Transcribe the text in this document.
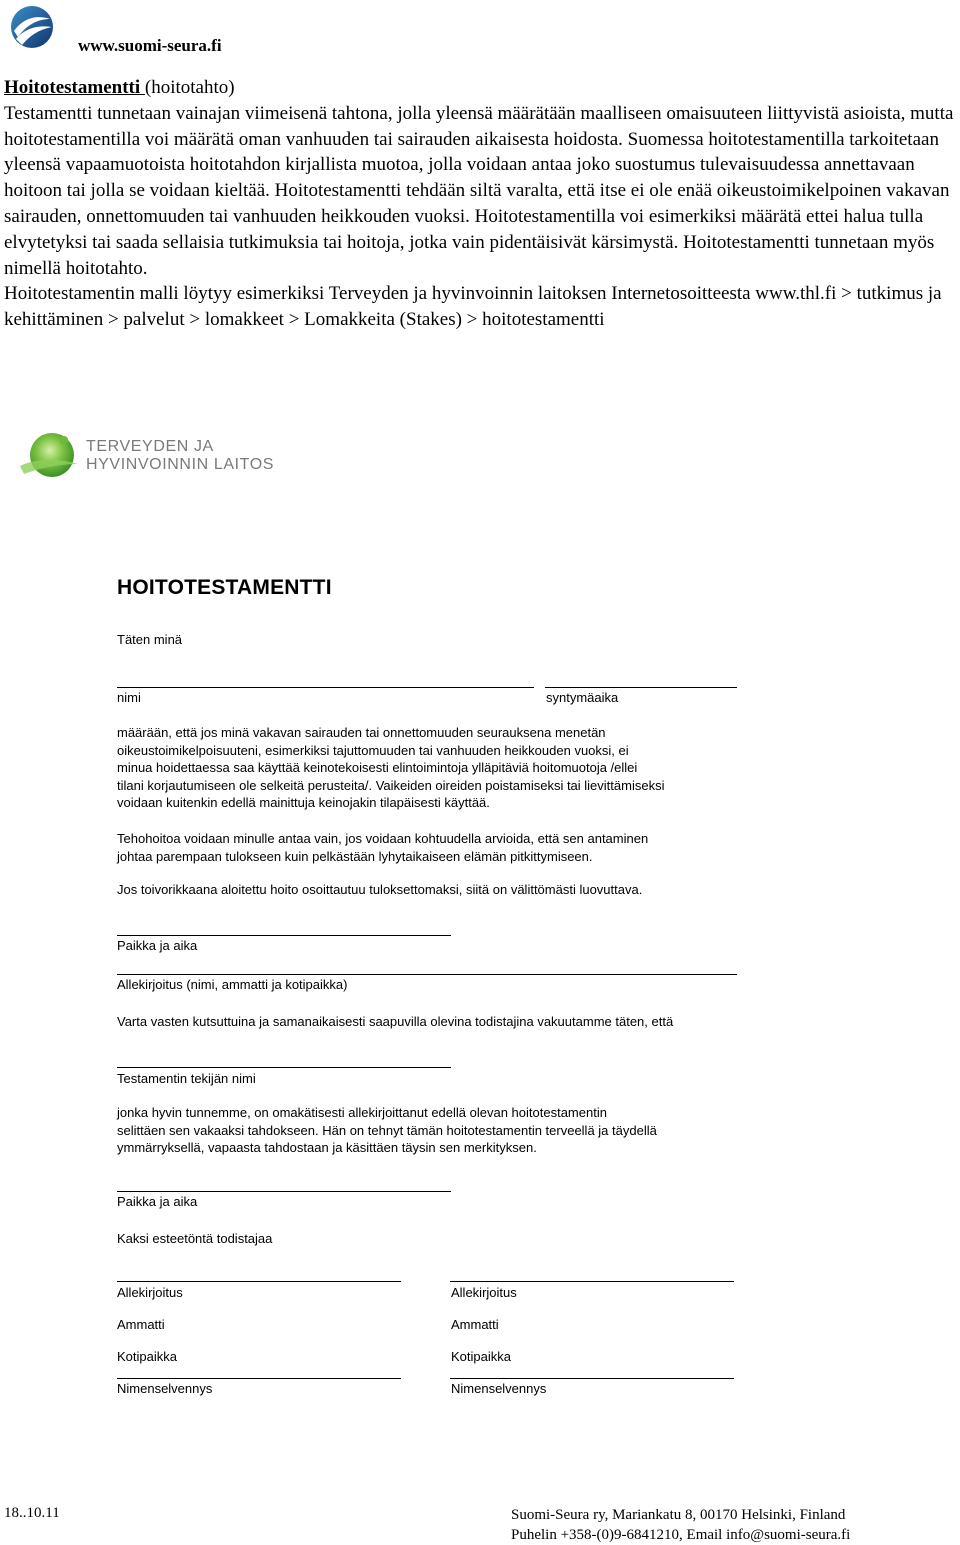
www.suomi-seura.fi

Hoitotestamentti (hoitotahto)

Testamentti tunnetaan vainajan viimeisenä tahtona, jolla yleensä määrätään maalliseen omaisuuteen liittyvistä asioista, mutta hoitotestamentilla voi määrätä oman vanhuuden tai sairauden aikaisesta hoidosta. Suomessa hoitotestamentilla tarkoitetaan yleensä vapaamuotoista hoitotahdon kirjallista muotoa, jolla voidaan antaa joko suostumus tulevaisuudessa annettavaan hoitoon tai jolla se voidaan kieltää. Hoitotestamentti tehdään siltä varalta, että itse ei ole enää oikeustoimikelpoinen vakavan sairauden, onnettomuuden tai vanhuuden heikkouden vuoksi. Hoitotestamentilla voi esimerkiksi määrätä ettei halua tulla elvytetyksi tai saada sellaisia tutkimuksia tai hoitoja, jotka vain pidentäisivät kärsimystä. Hoitotestamentti tunnetaan myös nimellä hoitotahto.

Hoitotestamentin malli löytyy esimerkiksi Terveyden ja hyvinvoinnin laitoksen Internetosoitteesta www.thl.fi > tutkimus ja kehittäminen > palvelut > lomakkeet > Lomakkeita (Stakes) > hoitotestamentti

TERVEYDEN JA
HYVINVOINNIN LAITOS
HOITOTESTAMENTTI
Täten minä
nimi	syntymäaika
määrään, että jos minä vakavan sairauden tai onnettomuuden seurauksena menetän
oikeustoimikelpoisuuteni, esimerkiksi tajuttomuuden tai vanhuuden heikkouden vuoksi, ei
minua hoidettaessa saa käyttää keinotekoisesti elintoimintoja ylläpitäviä hoitomuotoja /ellei
tilani korjautumiseen ole selkeitä perusteita/. Vaikeiden oireiden poistamiseksi tai lievittämiseksi
voidaan kuitenkin edellä mainittuja keinojakin tilapäisesti käyttää.
Tehohoitoa voidaan minulle antaa vain, jos voidaan kohtuudella arvioida, että sen antaminen
johtaa parempaan tulokseen kuin pelkästään lyhytaikaiseen elämän pitkittymiseen.
Jos toivorikkaana aloitettu hoito osoittautuu tuloksettomaksi, siitä on välittömästi luovuttava.
Paikka ja aika
Allekirjoitus (nimi, ammatti ja kotipaikka)
Varta vasten kutsuttuina ja samanaikaisesti saapuvilla olevina todistajina vakuutamme täten, että
Testamentin tekijän nimi
jonka hyvin tunnemme, on omakätisesti allekirjoittanut edellä olevan hoitotestamentin
selittäen sen vakaaksi tahdokseen. Hän on tehnyt tämän hoitotestamentin terveellä ja täydellä
ymmärryksellä, vapaasta tahdostaan ja käsittäen täysin sen merkityksen.
Paikka ja aika
Kaksi esteetöntä todistajaa
Allekirjoitus
Ammatti
Kotipaikka
Nimenselvennys
Allekirjoitus
Ammatti
Kotipaikka
Nimenselvennys
18..10.11	Suomi-Seura ry, Mariankatu 8, 00170 Helsinki, Finland
Puhelin +358-(0)9-6841210, Email info@suomi-seura.fi
